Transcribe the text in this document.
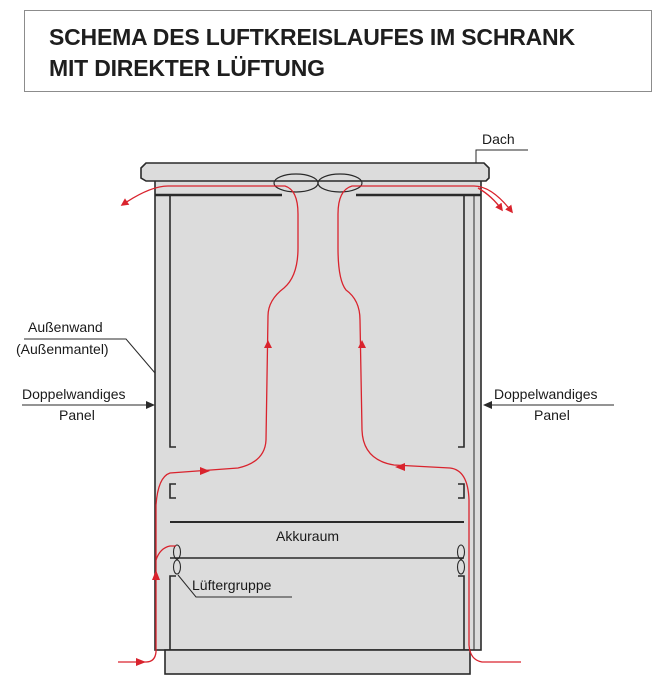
SCHEMA DES LUFTKREISLAUFES IM SCHRANK
MIT DIREKTER LÜFTUNG
Dach
Außenwand
(Außenmantel)
Doppelwandiges
Panel
Doppelwandiges
Panel
Akkuraum
Lüftergruppe
